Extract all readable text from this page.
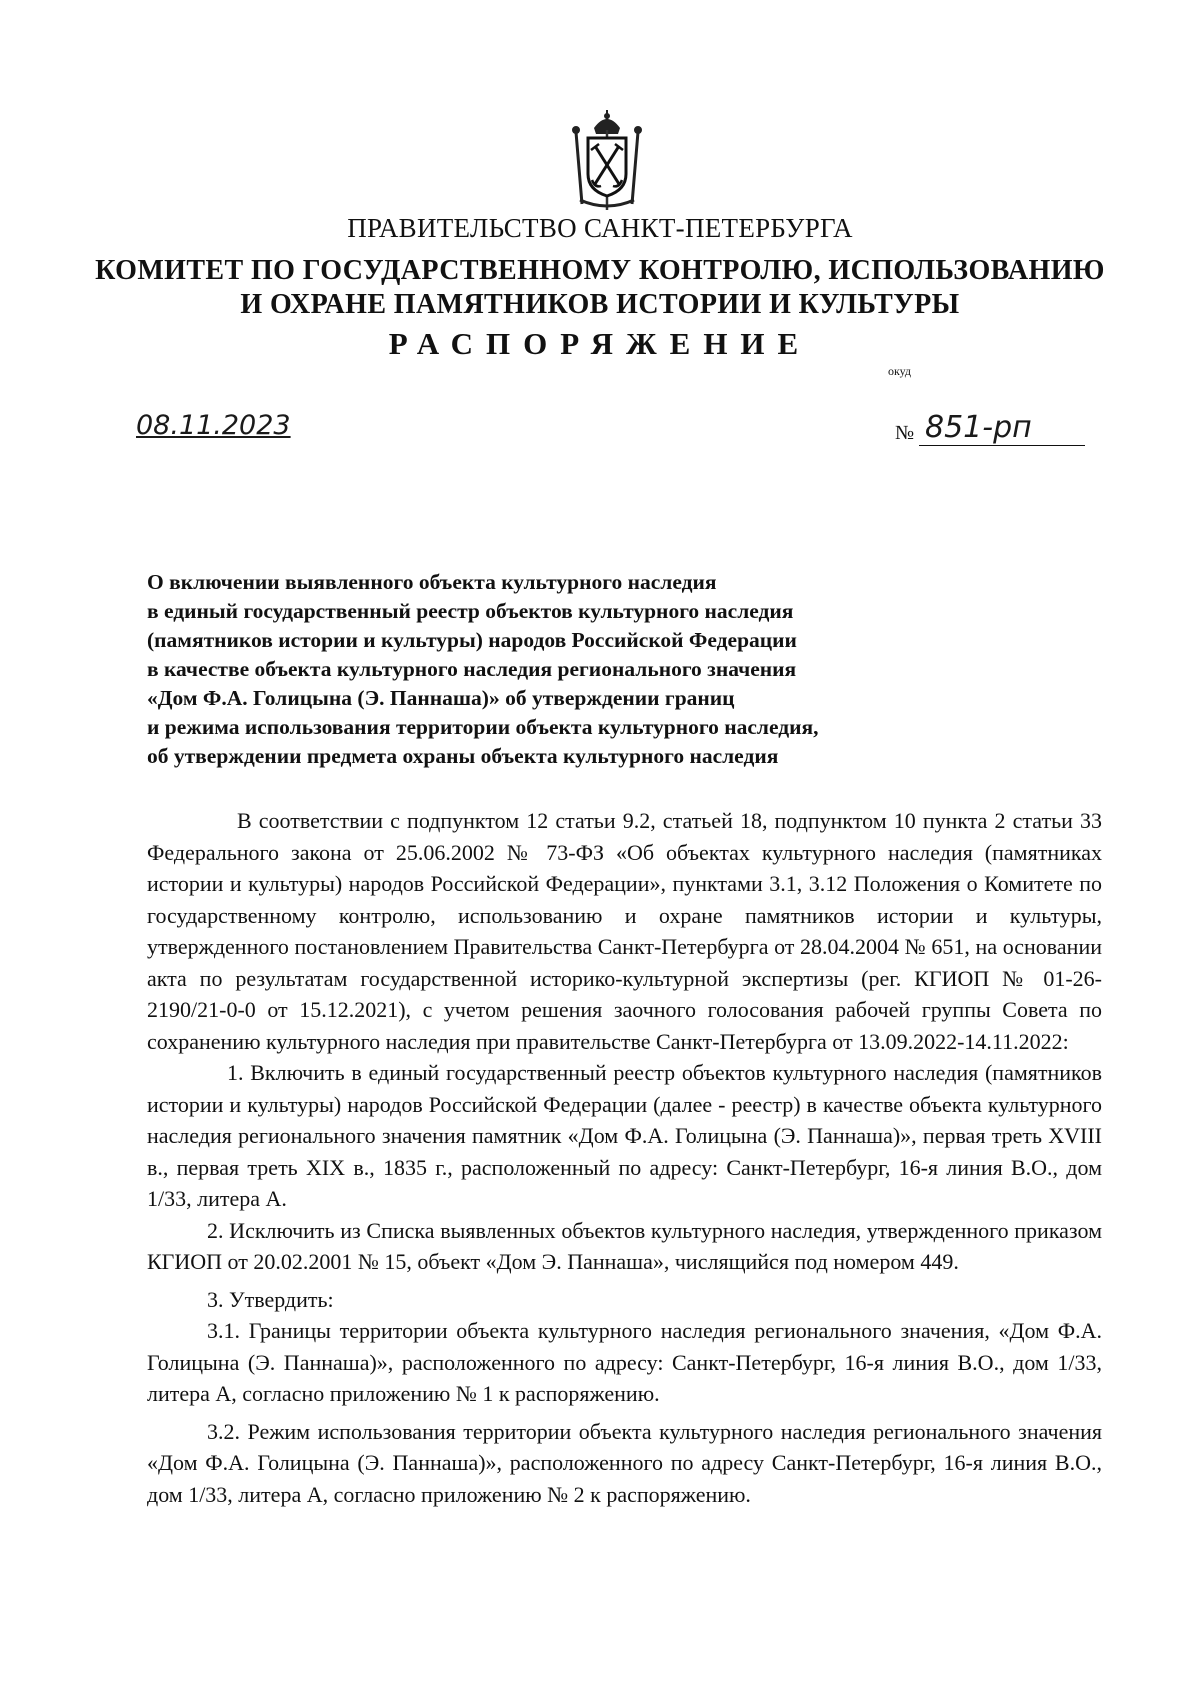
ПРАВИТЕЛЬСТВО САНКТ-ПЕТЕРБУРГА
КОМИТЕТ ПО ГОСУДАРСТВЕННОМУ КОНТРОЛЮ, ИСПОЛЬЗОВАНИЮ
И ОХРАНЕ ПАМЯТНИКОВ ИСТОРИИ И КУЛЬТУРЫ
РАСПОРЯЖЕНИЕ
окуд
08.11.2023	№ 851-рп
О включении выявленного объекта культурного наследия
в единый государственный реестр объектов культурного наследия
(памятников истории и культуры) народов Российской Федерации
в качестве объекта культурного наследия регионального значения
«Дом Ф.А. Голицына (Э. Паннаша)» об утверждении границ
и режима использования территории объекта культурного наследия,
об утверждении предмета охраны объекта культурного наследия

В соответствии с подпунктом 12 статьи 9.2, статьей 18, подпунктом 10 пункта 2 статьи 33 Федерального закона от 25.06.2002 № 73-ФЗ «Об объектах культурного наследия (памятниках истории и культуры) народов Российской Федерации», пунктами 3.1, 3.12 Положения о Комитете по государственному контролю, использованию и охране памятников истории и культуры, утвержденного постановлением Правительства Санкт-Петербурга от 28.04.2004 № 651, на основании акта по результатам государственной историко-культурной экспертизы (рег. КГИОП № 01-26-2190/21-0-0 от 15.12.2021), с учетом решения заочного голосования рабочей группы Совета по сохранению культурного наследия при правительстве Санкт-Петербурга от 13.09.2022-14.11.2022:

1. Включить в единый государственный реестр объектов культурного наследия (памятников истории и культуры) народов Российской Федерации (далее - реестр) в качестве объекта культурного наследия регионального значения памятник «Дом Ф.А. Голицына (Э. Паннаша)», первая треть XVIII в., первая треть XIX в., 1835 г., расположенный по адресу: Санкт-Петербург, 16-я линия В.О., дом 1/33, литера А.

2. Исключить из Списка выявленных объектов культурного наследия, утвержденного приказом КГИОП от 20.02.2001 № 15, объект «Дом Э. Паннаша», числящийся под номером 449.

3. Утвердить:

3.1. Границы территории объекта культурного наследия регионального значения, «Дом Ф.А. Голицына (Э. Паннаша)», расположенного по адресу: Санкт-Петербург, 16-я линия В.О., дом 1/33, литера А, согласно приложению № 1 к распоряжению.

3.2. Режим использования территории объекта культурного наследия регионального значения «Дом Ф.А. Голицына (Э. Паннаша)», расположенного по адресу Санкт-Петербург, 16-я линия В.О., дом 1/33, литера А, согласно приложению № 2 к распоряжению.
